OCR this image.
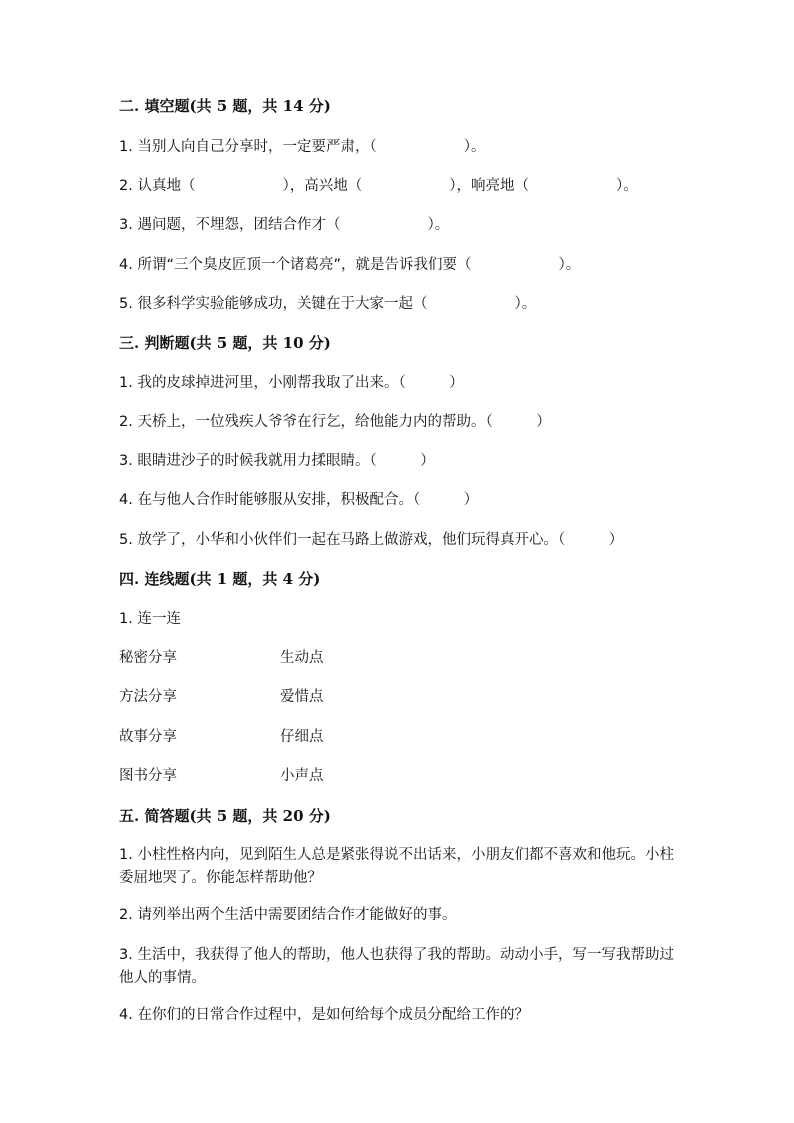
二. 填空题(共 5 题，共 14 分)
1. 当别人向自己分享时，一定要严肃，（　　　　　　）。
2. 认真地（　　　　　　），高兴地（　　　　　　），响亮地（　　　　　　）。
3. 遇问题，不埋怨，团结合作才（　　　　　　）。
4. 所谓“三个臭皮匠顶一个诸葛亮”，就是告诉我们要（　　　　　　）。
5. 很多科学实验能够成功，关键在于大家一起（　　　　　　）。
三. 判断题(共 5 题，共 10 分)
1. 我的皮球掉进河里，小刚帮我取了出来。（　　　）
2. 天桥上，一位残疾人爷爷在行乞，给他能力内的帮助。（　　　）
3. 眼睛进沙子的时候我就用力揉眼睛。（　　　）
4. 在与他人合作时能够服从安排，积极配合。（　　　）
5. 放学了，小华和小伙伴们一起在马路上做游戏，他们玩得真开心。（　　　）
四. 连线题(共 1 题，共 4 分)
1. 连一连
秘密分享	生动点
方法分享	爱惜点
故事分享	仔细点
图书分享	小声点
五. 简答题(共 5 题，共 20 分)
1. 小柱性格内向，见到陌生人总是紧张得说不出话来，小朋友们都不喜欢和他玩。小柱委屈地哭了。你能怎样帮助他？
2. 请列举出两个生活中需要团结合作才能做好的事。
3. 生活中，我获得了他人的帮助，他人也获得了我的帮助。动动小手，写一写我帮助过他人的事情。
4. 在你们的日常合作过程中，是如何给每个成员分配给工作的？
